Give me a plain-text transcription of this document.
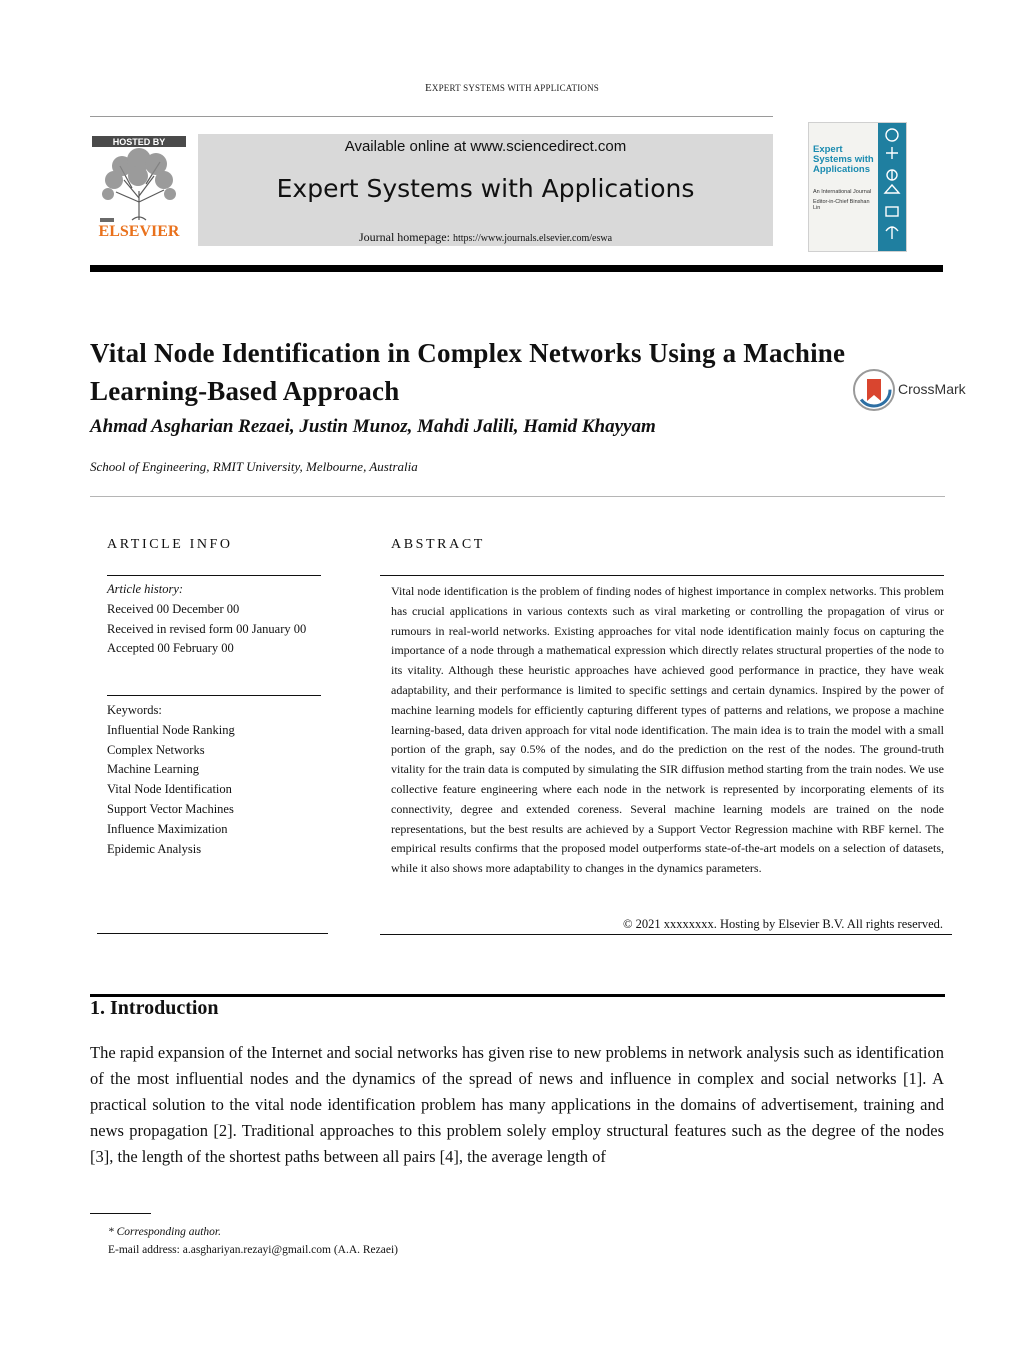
EXPERT SYSTEMS WITH APPLICATIONS
HOSTED BY
ELSEVIER
Available online at www.sciencedirect.com
Expert Systems with Applications
Journal homepage: https://www.journals.elsevier.com/eswa
Expert Systems with Applications
An International Journal
Editor-in-Chief Binshan Lin
Vital Node Identification in Complex Networks Using a Machine Learning-Based Approach	CrossMark
Ahmad Asgharian Rezaei, Justin Munoz, Mahdi Jalili, Hamid Khayyam
School of Engineering, RMIT University, Melbourne, Australia
ARTICLE INFO
Article history:
Received 00 December 00
Received in revised form 00 January 00
Accepted 00 February 00
Keywords:
Influential Node Ranking
Complex Networks
Machine Learning
Vital Node Identification
Support Vector Machines
Influence Maximization
Epidemic Analysis
ABSTRACT
Vital node identification is the problem of finding nodes of highest importance in complex networks. This problem has crucial applications in various contexts such as viral marketing or controlling the propagation of virus or rumours in real-world networks. Existing approaches for vital node identification mainly focus on capturing the importance of a node through a mathematical expression which directly relates structural properties of the node to its vitality. Although these heuristic approaches have achieved good performance in practice, they have weak adaptability, and their performance is limited to specific settings and certain dynamics. Inspired by the power of machine learning models for efficiently capturing different types of patterns and relations, we propose a machine learning-based, data driven approach for vital node identification. The main idea is to train the model with a small portion of the graph, say 0.5% of the nodes, and do the prediction on the rest of the nodes. The ground-truth vitality for the train data is computed by simulating the SIR diffusion method starting from the train nodes. We use collective feature engineering where each node in the network is represented by incorporating elements of its connectivity, degree and extended coreness. Several machine learning models are trained on the node representations, but the best results are achieved by a Support Vector Regression machine with RBF kernel. The empirical results confirms that the proposed model outperforms state-of-the-art models on a selection of datasets, while it also shows more adaptability to changes in the dynamics parameters.
© 2021 xxxxxxxx. Hosting by Elsevier B.V. All rights reserved.
1. Introduction
The rapid expansion of the Internet and social networks has given rise to new problems in network analysis such as identification of the most influential nodes and the dynamics of the spread of news and influence in complex and social networks [1]. A practical solution to the vital node identification problem has many applications in the domains of advertisement, training and news propagation [2]. Traditional approaches to this problem solely employ structural features such as the degree of the nodes [3], the length of the shortest paths between all pairs [4], the average length of
* Corresponding author.
E-mail address: a.asghariyan.rezayi@gmail.com (A.A. Rezaei)
